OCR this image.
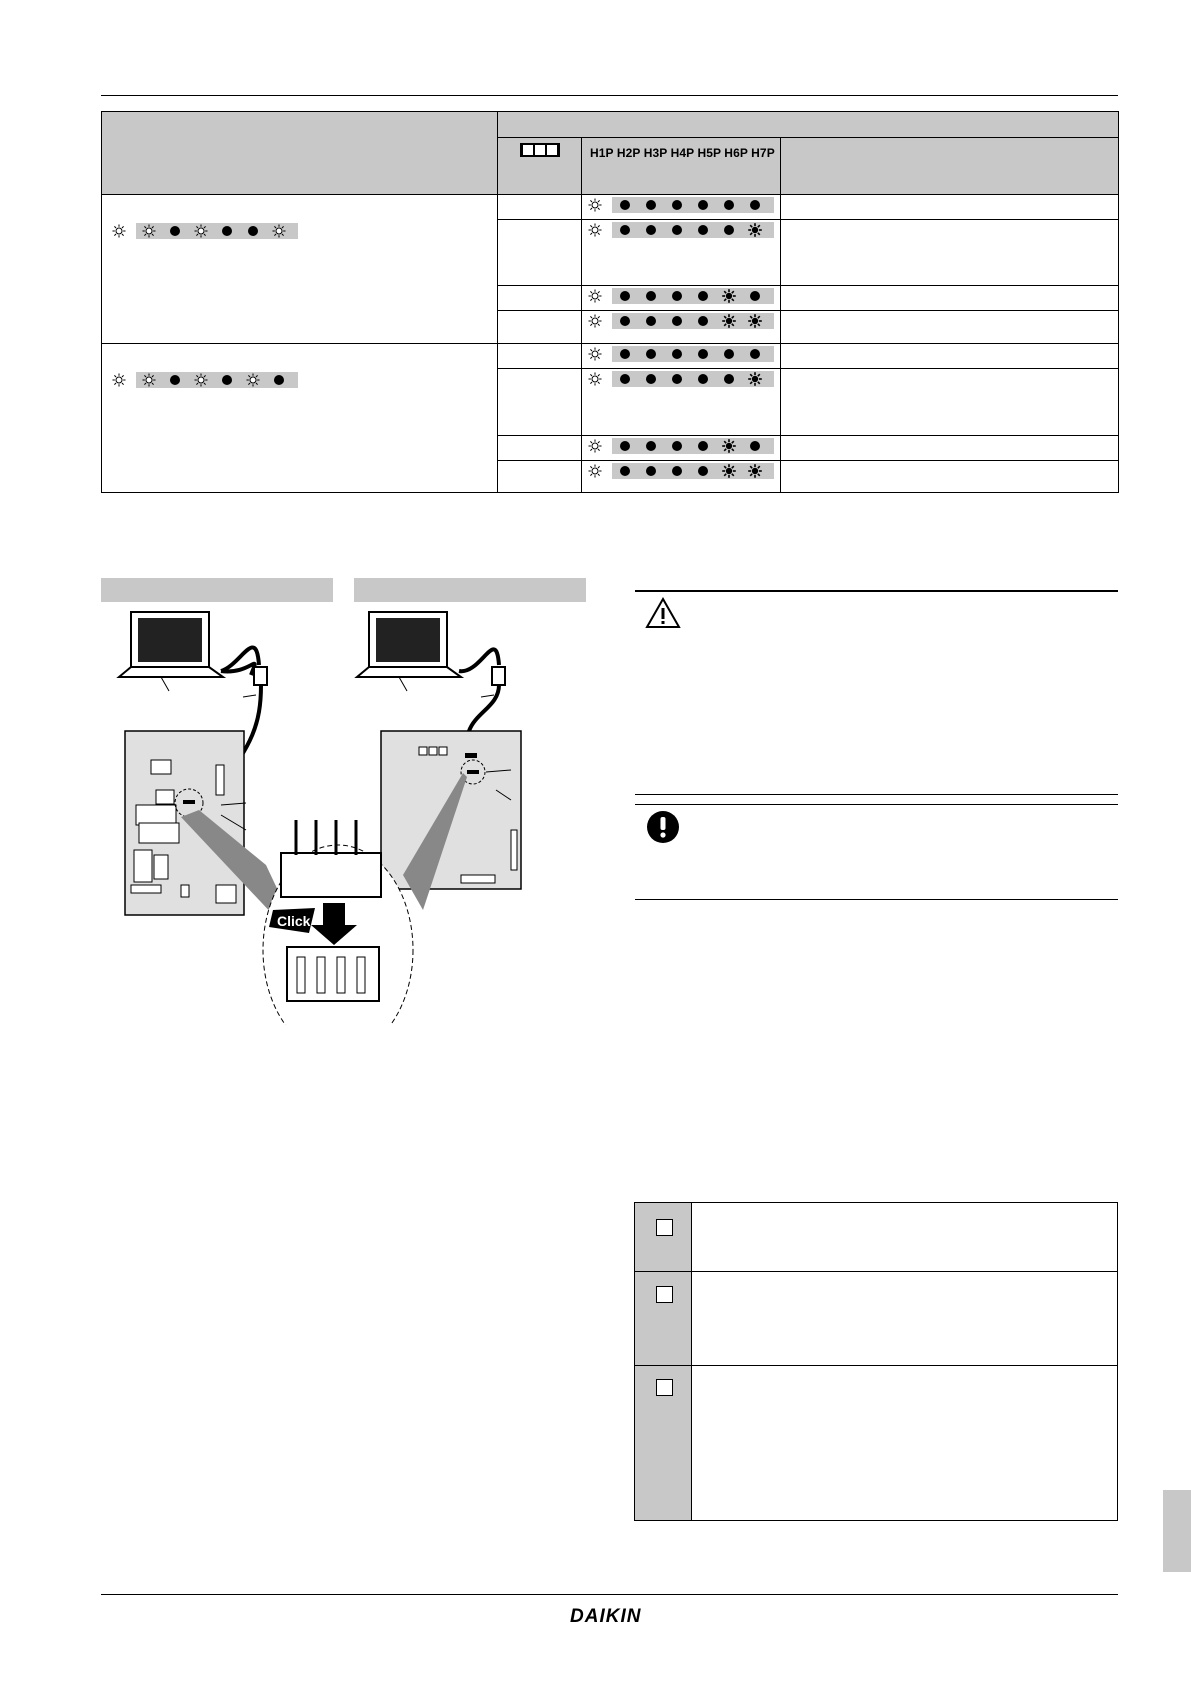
		H1P H2P H3P H4P H5P H6P H7P	

Click
DAIKIN
